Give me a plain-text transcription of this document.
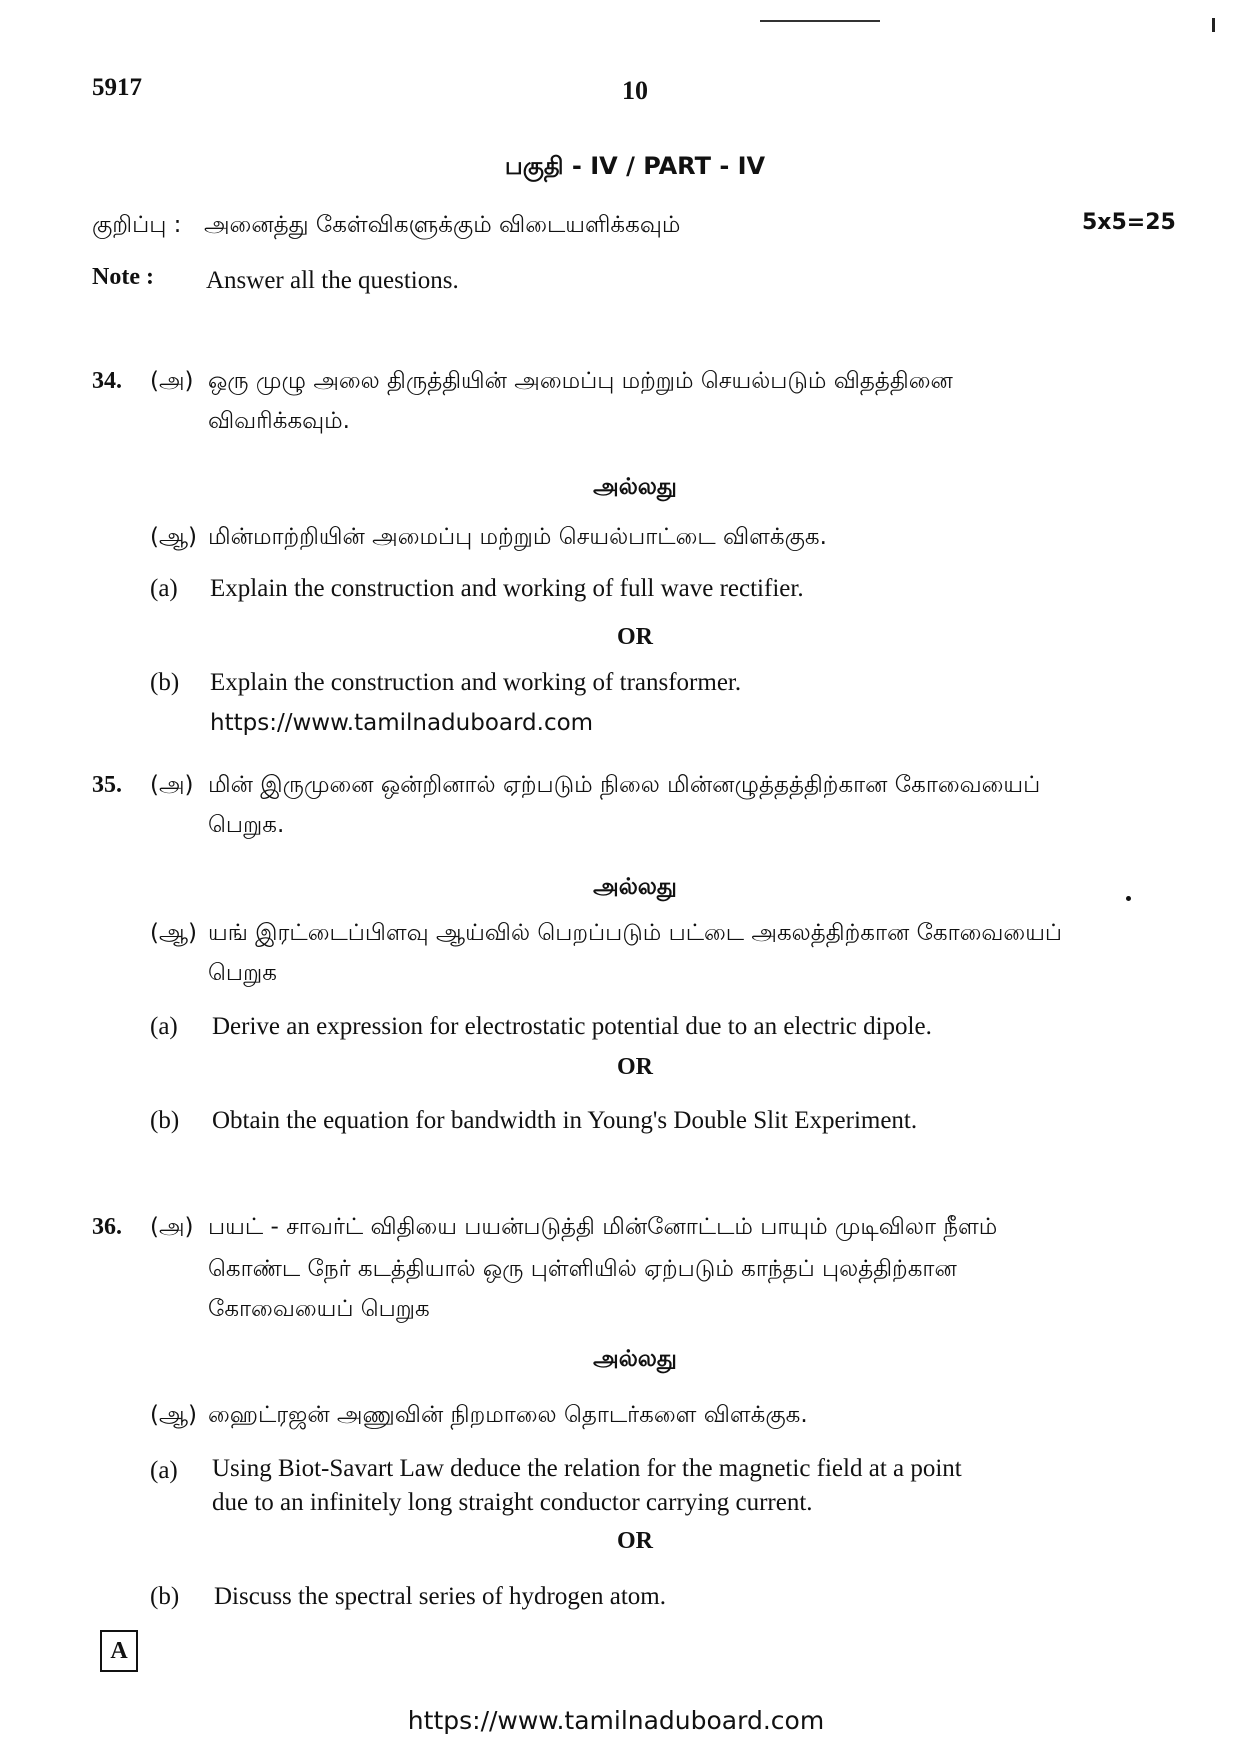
5917	10
பகுதி - IV / PART - IV
குறிப்பு : அனைத்து கேள்விகளுக்கும் விடையளிக்கவும்	5x5=25
Note : Answer all the questions.
34. (அ) ஒரு முழு அலை திருத்தியின் அமைப்பு மற்றும் செயல்படும் விதத்தினை
விவரிக்கவும்.
அல்லது
(ஆ) மின்மாற்றியின் அமைப்பு மற்றும் செயல்பாட்டை விளக்குக.
(a) Explain the construction and working of full wave rectifier.
OR
(b) Explain the construction and working of transformer.
https://www.tamilnaduboard.com
35. (அ) மின் இருமுனை ஒன்றினால் ஏற்படும் நிலை மின்னழுத்தத்திற்கான கோவையைப்
பெறுக.
அல்லது
(ஆ) யங் இரட்டைப்பிளவு ஆய்வில் பெறப்படும் பட்டை அகலத்திற்கான கோவையைப்
பெறுக
(a) Derive an expression for electrostatic potential due to an electric dipole.
OR
(b) Obtain the equation for bandwidth in Young's Double Slit Experiment.
36. (அ) பயட் - சாவர்ட் விதியை பயன்படுத்தி மின்னோட்டம் பாயும் முடிவிலா நீளம்
கொண்ட நேர் கடத்தியால் ஒரு புள்ளியில் ஏற்படும் காந்தப் புலத்திற்கான
கோவையைப் பெறுக
அல்லது
(ஆ) ஹைட்ரஜன் அணுவின் நிறமாலை தொடர்களை விளக்குக.
(a) Using Biot-Savart Law deduce the relation for the magnetic field at a point
due to an infinitely long straight conductor carrying current.
OR
(b) Discuss the spectral series of hydrogen atom.
A
https://www.tamilnaduboard.com
